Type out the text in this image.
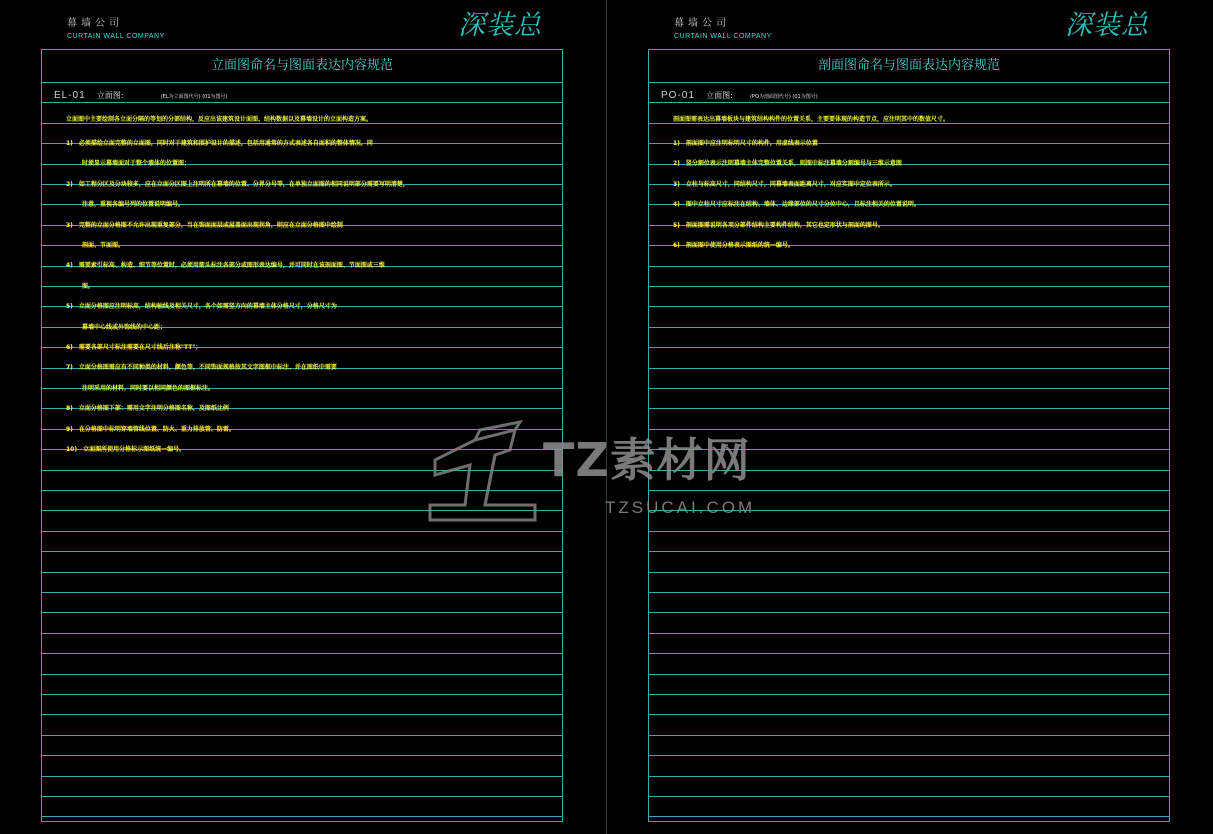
幕墙公司
CURTAIN WALL COMPANY	深装总
立面图命名与图面表达内容规范
EL-01 立面图:	(EL为立面图代号) (01为图号)
立面图中主要绘制各立面分隔的等划的分部结构，反应出该建筑设计面图、结构数据以及幕墙设计的立面构造方案。
1) 必须描绘立面完整的立面图，同时对于建筑和围护设计的描述，包括用通常的方式表述各自面积的整体情况，同
时须显示幕墙面对于整个墙体的位置图；
2) 如工程分区及分块较多，应在立面分区图上注明所在幕墙的位置、分界分号等，在单独立面图的相同说明部分需要写明清楚，
注意，重视各编号列的位置说明编号。
3) 完整的立面分格图不允许出现重复部分，当在饰面面层或屋盖面出现拐角，则应在立面分格图中绘制
剖面、节面图。
4) 需要索引标高、构造、细节等位置时，必须用箭头标注各部分或图形表达编号，并可同时在该剖面图、节面图或三维
图。
5) 立面分格图应注明标高，结构轴线及相关尺寸，各个如需竖方向的幕墙主体分格尺寸，分格尺寸为
幕墙中心线或外饰线的中心距；
6) 需要各部尺寸标注需要在尺寸线后注称"TT"；
7) 立面分格图需应有不同种类的材料，颜色等，不同饰面规格按其文字图框中标注、并在图纸中需要
注明采用的材料，同时要以相同颜色的图框标注。
8) 立面分格图下部：需用文字注明分格图名称，及图纸比例
9) 在分格图中标明穿墙管线位置、防火、重力排放管、防雷。
10) 立面图所使用分格标示图纸统一编号。
幕墙公司
CURTAIN WALL COMPANY	深装总
剖面图命名与图面表达内容规范
PO-01 立面图:	(PO为剖面图代号) (01为图号)
剖面图需表达出幕墙板块与建筑结构构件的位置关系，主要要体现的构造节点，应注明其中的数值尺寸。
1) 剖面图中应注明标明尺寸的构件，用虚线表示位置
2) 竖分割位表示注明幕墙主体完整位置关系，则图中标注幕墙分割编号与三维示意图
3) 立柱与标高尺寸，同结构尺寸，同幕墙表面距离尺寸，对应实图中定位表所示。
4) 图中立柱尺寸应标注在结构、墙体、边缘部位的尺寸分位中心，且标注相关的位置说明。
5) 剖面图需说明各项分部件结构主要构件结构，其它也定形状与剖面的图号。
6) 剖面图中使用分格表示图纸的统一编号。
TZ素材网
TZSUCAI.COM
